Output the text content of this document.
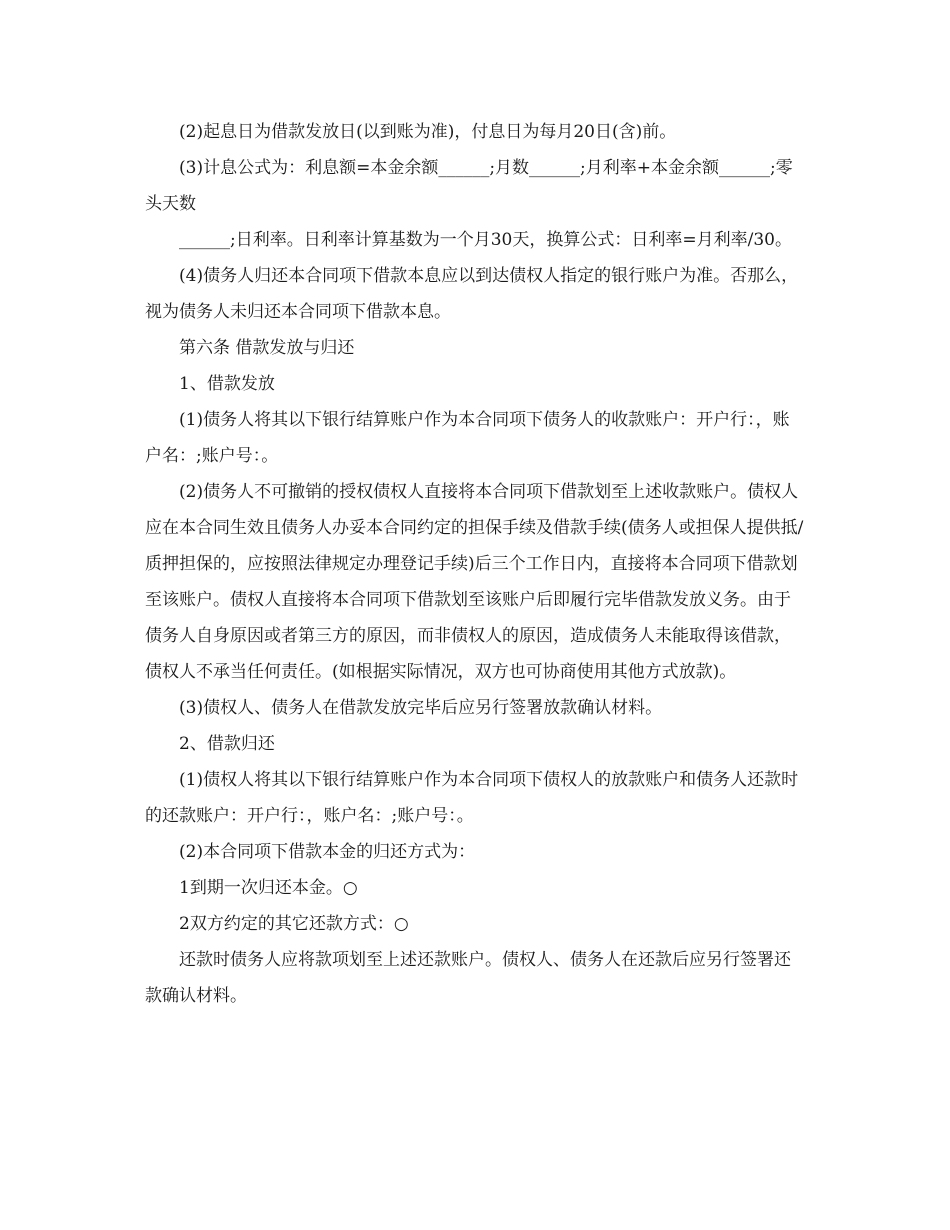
(2)起息日为借款发放日(以到账为准)，付息日为每月20日(含)前。

(3)计息公式为：利息额=本金余额______;月数______;月利率+本金余额______;零头天数

______;日利率。日利率计算基数为一个月30天，换算公式：日利率=月利率/30。

(4)债务人归还本合同项下借款本息应以到达债权人指定的银行账户为准。否那么，视为债务人未归还本合同项下借款本息。

第六条 借款发放与归还

1、借款发放

(1)债务人将其以下银行结算账户作为本合同项下债务人的收款账户：开户行：，账户名：;账户号：。

(2)债务人不可撤销的授权债权人直接将本合同项下借款划至上述收款账户。债权人应在本合同生效且债务人办妥本合同约定的担保手续及借款手续(债务人或担保人提供抵/质押担保的，应按照法律规定办理登记手续)后三个工作日内，直接将本合同项下借款划至该账户。债权人直接将本合同项下借款划至该账户后即履行完毕借款发放义务。由于债务人自身原因或者第三方的原因，而非债权人的原因，造成债务人未能取得该借款，债权人不承当任何责任。(如根据实际情况，双方也可协商使用其他方式放款)。

(3)债权人、债务人在借款发放完毕后应另行签署放款确认材料。

2、借款归还

(1)债权人将其以下银行结算账户作为本合同项下债权人的放款账户和债务人还款时的还款账户：开户行：，账户名：;账户号：。

(2)本合同项下借款本金的归还方式为：

1到期一次归还本金。○

2双方约定的其它还款方式：○

还款时债务人应将款项划至上述还款账户。债权人、债务人在还款后应另行签署还款确认材料。
